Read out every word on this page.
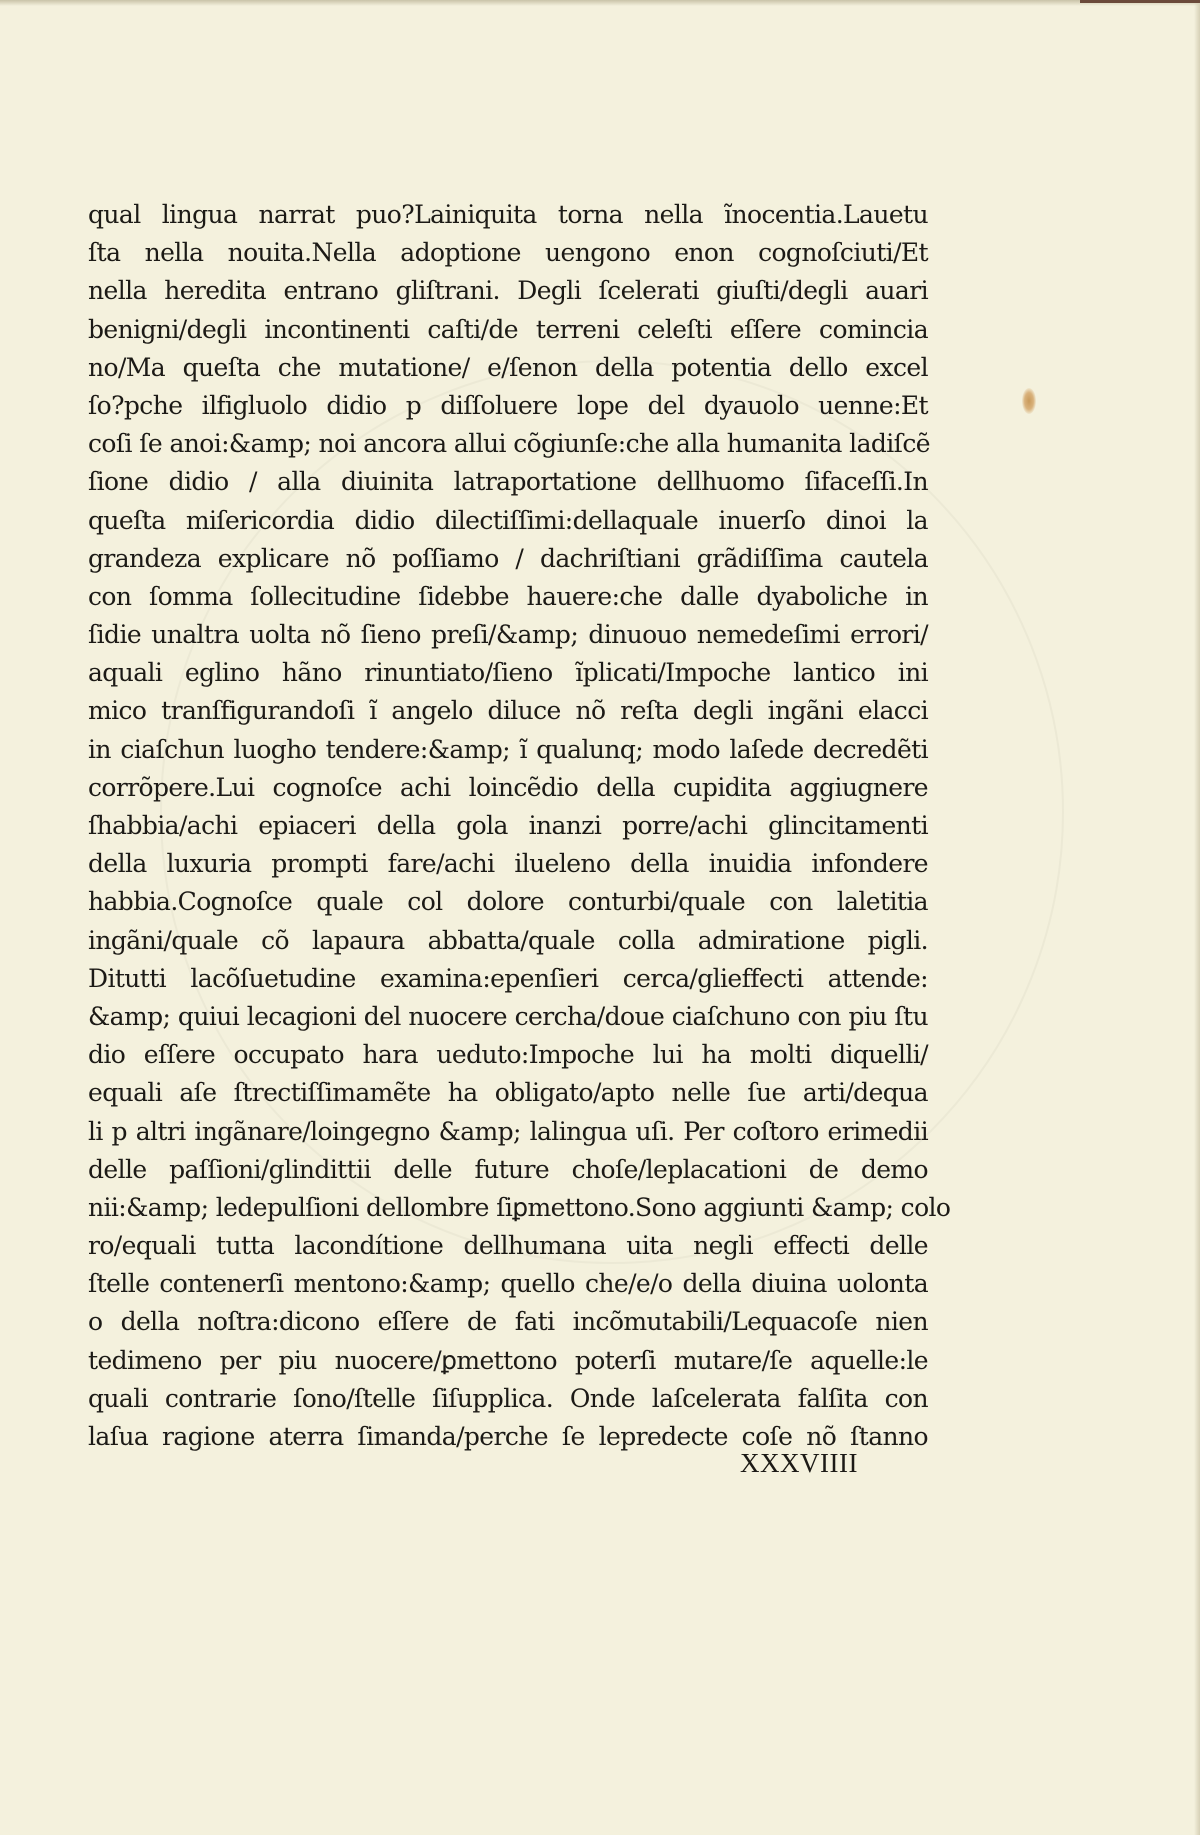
qual lingua narrat puo?Lainiquita torna nella ĩnocentia.Lauetu
ſta nella nouita.Nella adoptione uengono enon cognoſciuti/Et
nella heredita entrano gliſtrani. Degli ſcelerati giuſti/degli auari
benigni/degli incontinenti caſti/de terreni celeſti eſſere comincia
no/Ma queſta che mutatione/ e/ſenon della potentia dello excel
ſo?pche ilfigluolo didio p diſſoluere lope del dyauolo uenne:Et
coſi ſe anoi:&amp; noi ancora allui cõgiunſe:che alla humanita ladiſcẽ
ſione didio / alla diuinita latraportatione dellhuomo ſifaceſſi.In
queſta miſericordia didio dilectiſſimi:dellaquale inuerſo dinoi la
grandeza explicare nõ poſſiamo / dachriſtiani grãdiſſima cautela
con ſomma ſollecitudine ſidebbe hauere:che dalle dyaboliche in
ſidie unaltra uolta nõ ſieno preſi/&amp; dinuouo nemedeſimi errori/
aquali eglino hãno rinuntiato/ſieno ĩplicati/Impoche lantico ini
mico tranſfigurandoſi ĩ angelo diluce nõ reſta degli ingãni elacci
in ciaſchun luogho tendere:&amp; ĩ qualunq; modo laſede decredẽti
corrõpere.Lui cognoſce achi loincẽdio della cupidita aggiugnere
ſhabbia/achi epiaceri della gola inanzi porre/achi glincitamenti
della luxuria prompti fare/achi ilueleno della inuidia infondere
habbia.Cognoſce quale col dolore conturbi/quale con laletitia
ingãni/quale cõ lapaura abbatta/quale colla admiratione pigli.
Ditutti lacõſuetudine examina:epenſieri cerca/glieffecti attende:
&amp; quiui lecagioni del nuocere cercha/doue ciaſchuno con piu ſtu
dio eſſere occupato hara ueduto:Impoche lui ha molti diquelli/
equali aſe ſtrectiſſimamẽte ha obligato/apto nelle ſue arti/dequa
li p altri ingãnare/loingegno &amp; lalingua uſi. Per coſtoro erimedii
delle paſſioni/glindittii delle future choſe/leplacationi de demo
nii:&amp; ledepulſioni dellombre ſiꝑmettono.Sono aggiunti &amp; colo
ro/equali tutta lacondítione dellhumana uita negli effecti delle
ſtelle contenerſi mentono:&amp; quello che/e/o della diuina uolonta
o della noſtra:dicono eſſere de fati incõmutabili/Lequacoſe nien
tedimeno per piu nuocere/ꝑmettono poterſi mutare/ſe aquelle:le
quali contrarie ſono/ſtelle ſiſupplica. Onde laſcelerata falſita con
laſua ragione aterra ſimanda/perche ſe lepredecte coſe nõ ſtanno
XXXVIIII
